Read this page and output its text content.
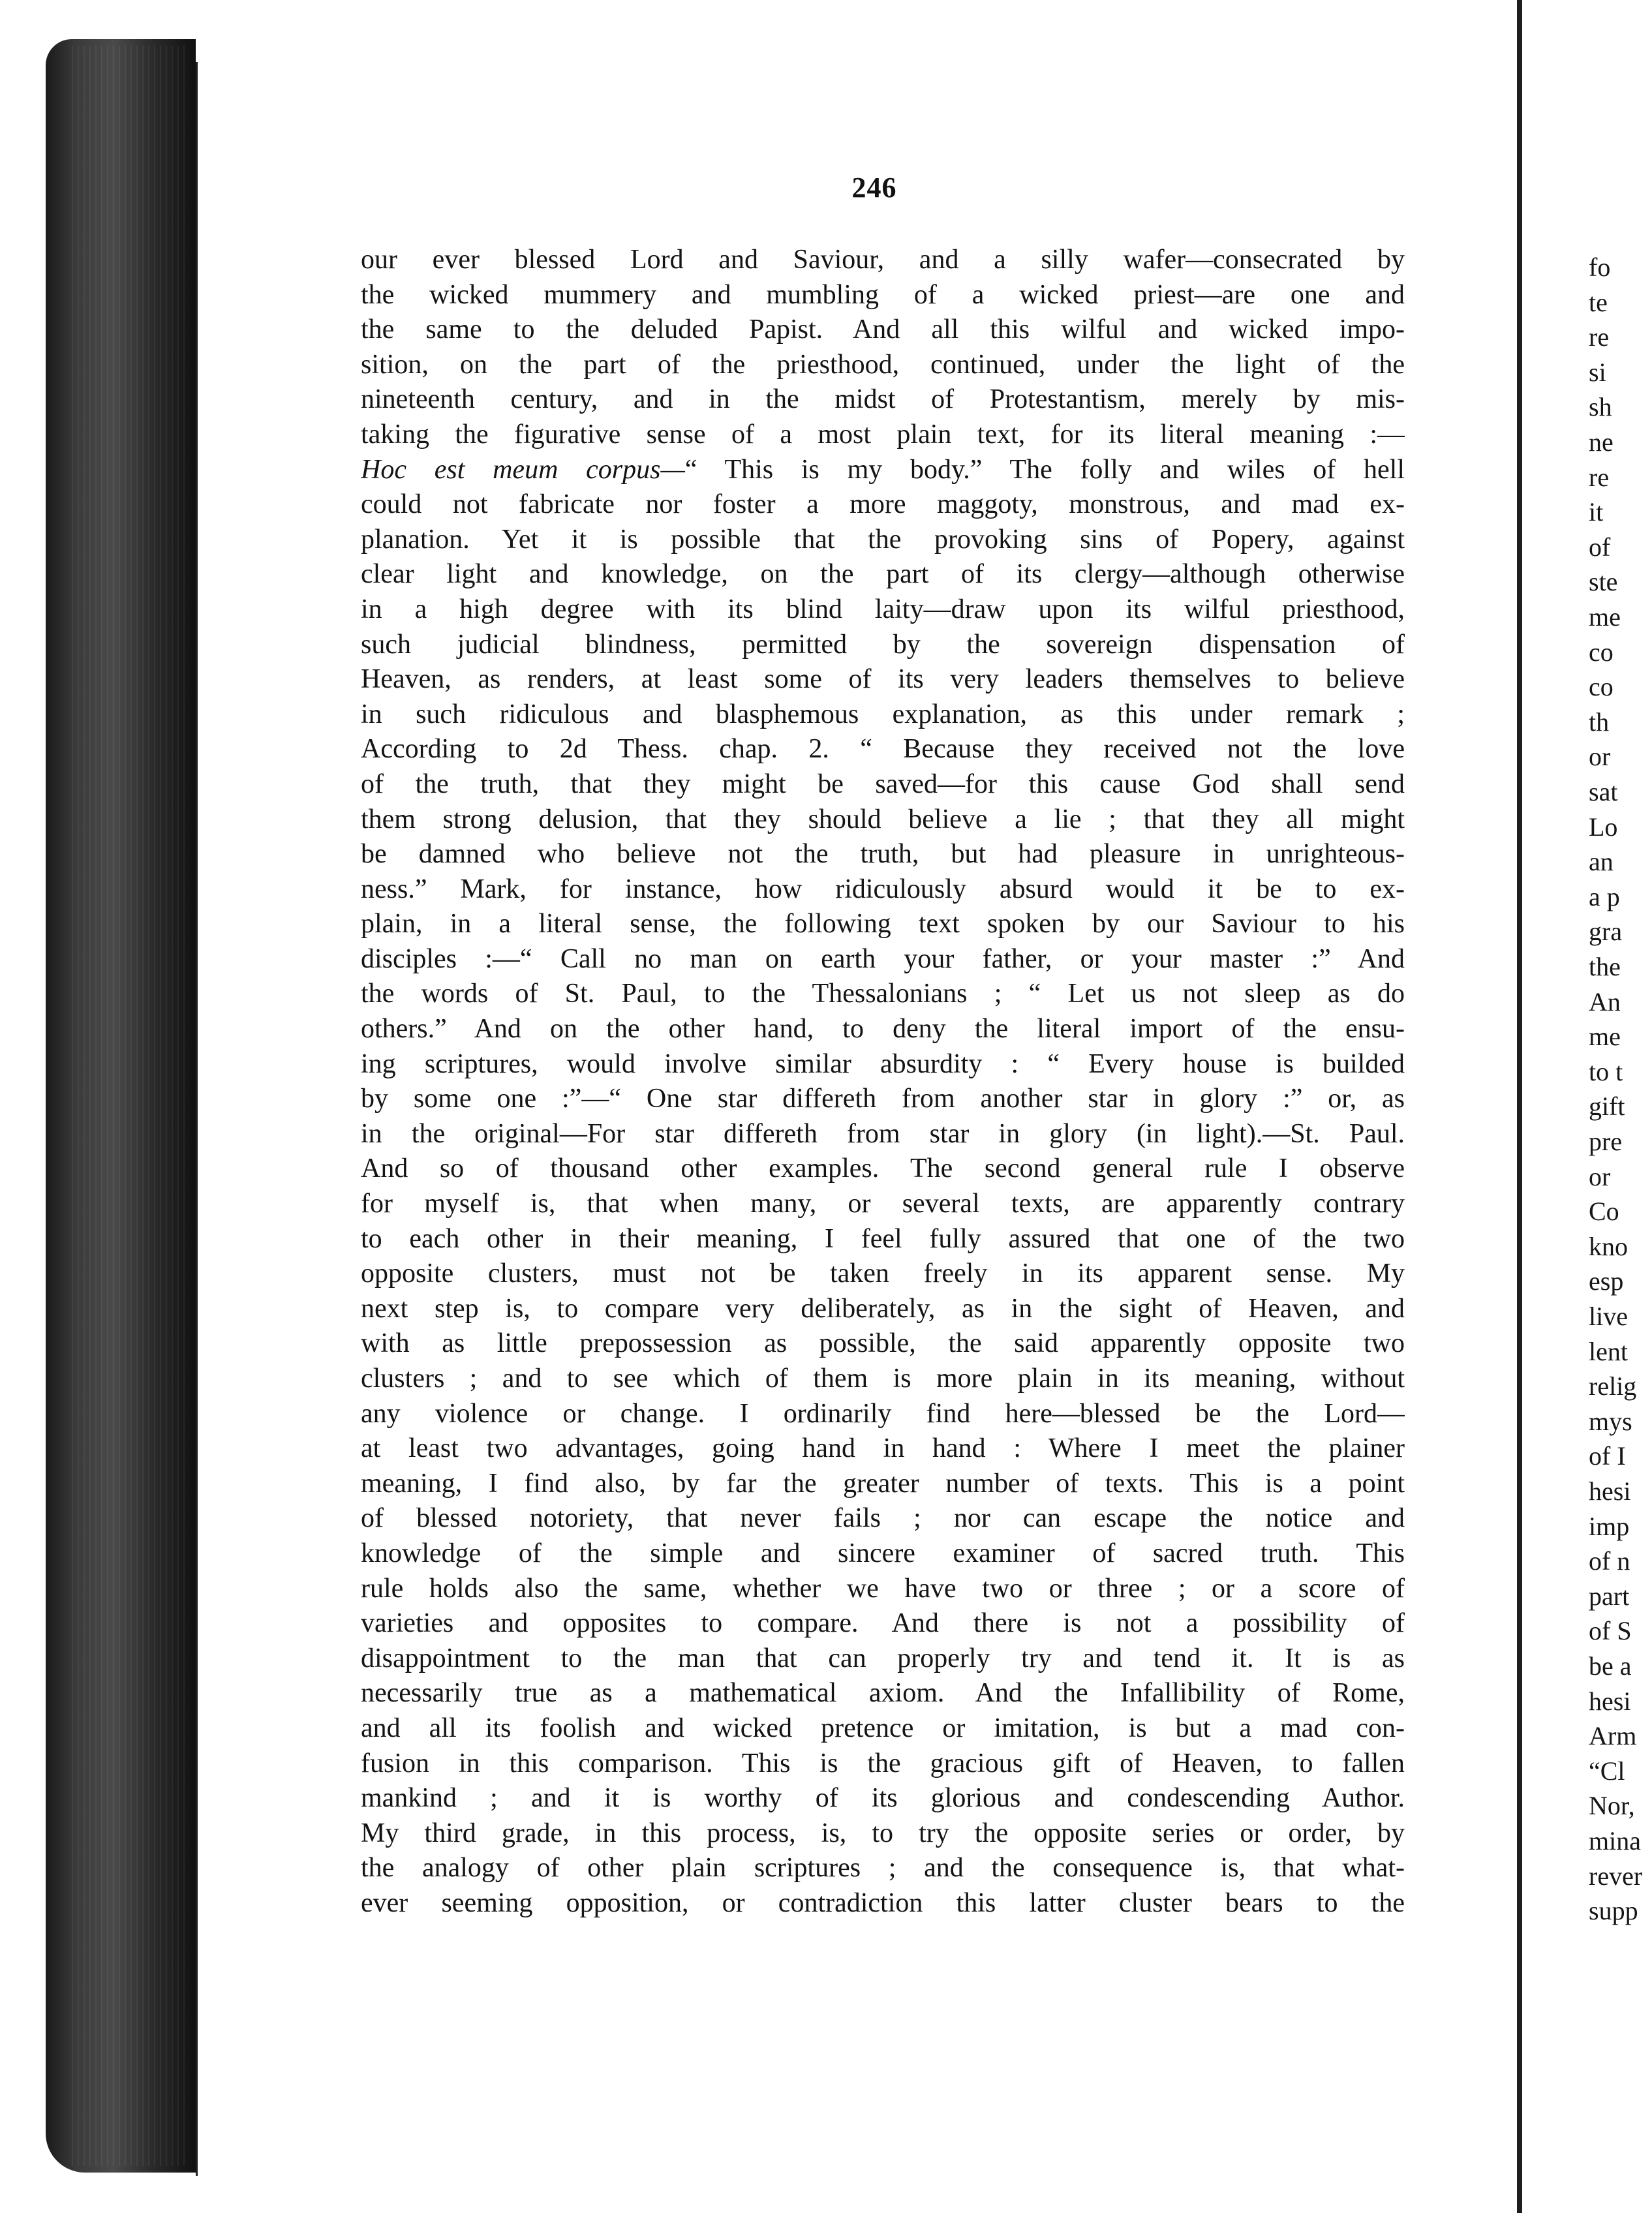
246

our ever blessed Lord and Saviour, and a silly wafer—consecrated by
the wicked mummery and mumbling of a wicked priest—are one and
the same to the deluded Papist. And all this wilful and wicked impo-
sition, on the part of the priesthood, continued, under the light of the
nineteenth century, and in the midst of Protestantism, merely by mis-
taking the figurative sense of a most plain text, for its literal meaning :—
Hoc est meum corpus—“ This is my body.” The folly and wiles of hell
could not fabricate nor foster a more maggoty, monstrous, and mad ex-
planation. Yet it is possible that the provoking sins of Popery, against
clear light and knowledge, on the part of its clergy—although otherwise
in a high degree with its blind laity—draw upon its wilful priesthood,
such judicial blindness, permitted by the sovereign dispensation of
Heaven, as renders, at least some of its very leaders themselves to believe
in such ridiculous and blasphemous explanation, as this under remark ;
According to 2d Thess. chap. 2. “ Because they received not the love
of the truth, that they might be saved—for this cause God shall send
them strong delusion, that they should believe a lie ; that they all might
be damned who believe not the truth, but had pleasure in unrighteous-
ness.” Mark, for instance, how ridiculously absurd would it be to ex-
plain, in a literal sense, the following text spoken by our Saviour to his
disciples :—“ Call no man on earth your father, or your master :” And
the words of St. Paul, to the Thessalonians ; “ Let us not sleep as do
others.” And on the other hand, to deny the literal import of the ensu-
ing scriptures, would involve similar absurdity : “ Every house is builded
by some one :”—“ One star differeth from another star in glory :” or, as
in the original—For star differeth from star in glory (in light).—St. Paul.
And so of thousand other examples. The second general rule I observe
for myself is, that when many, or several texts, are apparently contrary
to each other in their meaning, I feel fully assured that one of the two
opposite clusters, must not be taken freely in its apparent sense. My
next step is, to compare very deliberately, as in the sight of Heaven, and
with as little prepossession as possible, the said apparently opposite two
clusters ; and to see which of them is more plain in its meaning, without
any violence or change. I ordinarily find here—blessed be the Lord—
at least two advantages, going hand in hand : Where I meet the plainer
meaning, I find also, by far the greater number of texts. This is a point
of blessed notoriety, that never fails ; nor can escape the notice and
knowledge of the simple and sincere examiner of sacred truth. This
rule holds also the same, whether we have two or three ; or a score of
varieties and opposites to compare. And there is not a possibility of
disappointment to the man that can properly try and tend it. It is as
necessarily true as a mathematical axiom. And the Infallibility of Rome,
and all its foolish and wicked pretence or imitation, is but a mad con-
fusion in this comparison. This is the gracious gift of Heaven, to fallen
mankind ; and it is worthy of its glorious and condescending Author.
My third grade, in this process, is, to try the opposite series or order, by
the analogy of other plain scriptures ; and the consequence is, that what-
ever seeming opposition, or contradiction this latter cluster bears to the
fo
te
re
si
sh
ne
re
it
of
ste
me
co
co
th
or
sat
Lo
an
a p
gra
the
An
me
to t
gift
pre
or
Co
kno
esp
live
lent
relig
mys
of I
hesi
imp
of n
part
of S
be a
hesi
Arm
“Cl
Nor,
mina
rever
supp
